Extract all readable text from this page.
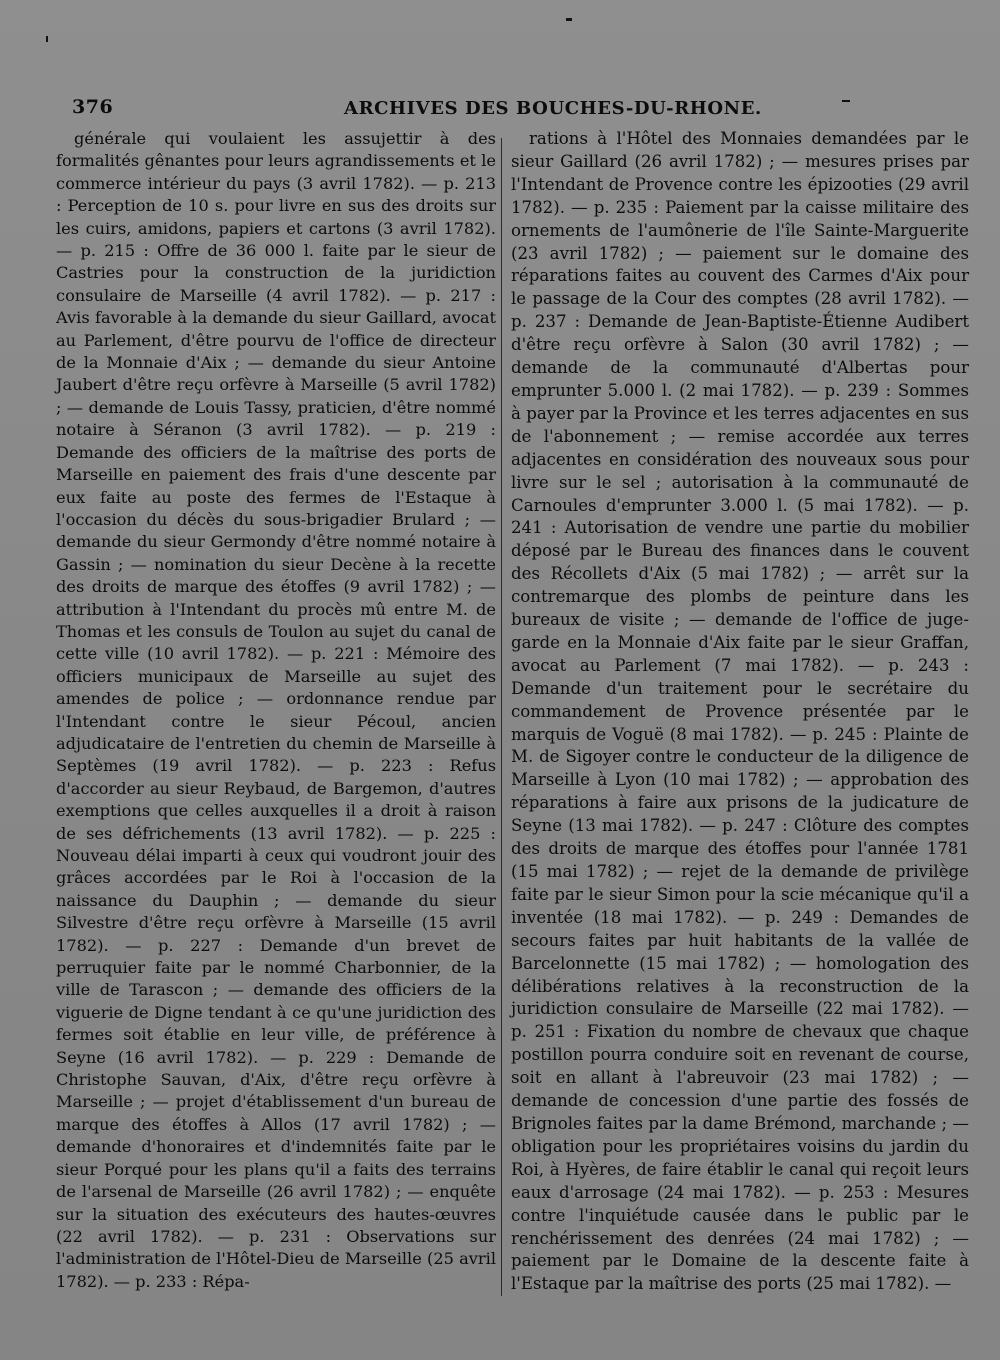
376	ARCHIVES DES BOUCHES-DU-RHONE.
générale qui voulaient les assujettir à des formalités gênantes pour leurs agrandissements et le commerce intérieur du pays (3 avril 1782). — p. 213 : Perception de 10 s. pour livre en sus des droits sur les cuirs, amidons, papiers et cartons (3 avril 1782). — p. 215 : Offre de 36 000 l. faite par le sieur de Castries pour la construction de la juridiction consulaire de Marseille (4 avril 1782). — p. 217 : Avis favorable à la demande du sieur Gaillard, avocat au Parlement, d'être pourvu de l'office de directeur de la Monnaie d'Aix ; — demande du sieur Antoine Jaubert d'être reçu orfèvre à Marseille (5 avril 1782) ; — demande de Louis Tassy, praticien, d'être nommé notaire à Séranon (3 avril 1782). — p. 219 : Demande des officiers de la maîtrise des ports de Marseille en paiement des frais d'une descente par eux faite au poste des fermes de l'Estaque à l'occasion du décès du sous-brigadier Brulard ; — demande du sieur Germondy d'être nommé notaire à Gassin ; — nomination du sieur Decène à la recette des droits de marque des étoffes (9 avril 1782) ; — attribution à l'Intendant du procès mû entre M. de Thomas et les consuls de Toulon au sujet du canal de cette ville (10 avril 1782). — p. 221 : Mémoire des officiers municipaux de Marseille au sujet des amendes de police ; — ordonnance rendue par l'Intendant contre le sieur Pécoul, ancien adjudicataire de l'entretien du chemin de Marseille à Septèmes (19 avril 1782). — p. 223 : Refus d'accorder au sieur Reybaud, de Bargemon, d'autres exemptions que celles auxquelles il a droit à raison de ses défrichements (13 avril 1782). — p. 225 : Nouveau délai imparti à ceux qui voudront jouir des grâces accordées par le Roi à l'occasion de la naissance du Dauphin ; — demande du sieur Silvestre d'être reçu orfèvre à Marseille (15 avril 1782). — p. 227 : Demande d'un brevet de perruquier faite par le nommé Charbonnier, de la ville de Tarascon ; — demande des officiers de la viguerie de Digne tendant à ce qu'une juridiction des fermes soit établie en leur ville, de préférence à Seyne (16 avril 1782). — p. 229 : Demande de Christophe Sauvan, d'Aix, d'être reçu orfèvre à Marseille ; — projet d'établissement d'un bureau de marque des étoffes à Allos (17 avril 1782) ; — demande d'honoraires et d'indemnités faite par le sieur Porqué pour les plans qu'il a faits des terrains de l'arsenal de Marseille (26 avril 1782) ; — enquête sur la situation des exécuteurs des hautes-œuvres (22 avril 1782). — p. 231 : Observations sur l'administration de l'Hôtel-Dieu de Marseille (25 avril 1782). — p. 233 : Répa-
rations à l'Hôtel des Monnaies demandées par le sieur Gaillard (26 avril 1782) ; — mesures prises par l'Intendant de Provence contre les épizooties (29 avril 1782). — p. 235 : Paiement par la caisse militaire des ornements de l'aumônerie de l'île Sainte-Marguerite (23 avril 1782) ; — paiement sur le domaine des réparations faites au couvent des Carmes d'Aix pour le passage de la Cour des comptes (28 avril 1782). — p. 237 : Demande de Jean-Baptiste-Étienne Audibert d'être reçu orfèvre à Salon (30 avril 1782) ; — demande de la communauté d'Albertas pour emprunter 5.000 l. (2 mai 1782). — p. 239 : Sommes à payer par la Province et les terres adjacentes en sus de l'abonnement ; — remise accordée aux terres adjacentes en considération des nouveaux sous pour livre sur le sel ; autorisation à la communauté de Carnoules d'emprunter 3.000 l. (5 mai 1782). — p. 241 : Autorisation de vendre une partie du mobilier déposé par le Bureau des finances dans le couvent des Récollets d'Aix (5 mai 1782) ; — arrêt sur la contremarque des plombs de peinture dans les bureaux de visite ; — demande de l'office de juge-garde en la Monnaie d'Aix faite par le sieur Graffan, avocat au Parlement (7 mai 1782). — p. 243 : Demande d'un traitement pour le secrétaire du commandement de Provence présentée par le marquis de Voguë (8 mai 1782). — p. 245 : Plainte de M. de Sigoyer contre le conducteur de la diligence de Marseille à Lyon (10 mai 1782) ; — approbation des réparations à faire aux prisons de la judicature de Seyne (13 mai 1782). — p. 247 : Clôture des comptes des droits de marque des étoffes pour l'année 1781 (15 mai 1782) ; — rejet de la demande de privilège faite par le sieur Simon pour la scie mécanique qu'il a inventée (18 mai 1782). — p. 249 : Demandes de secours faites par huit habitants de la vallée de Barcelonnette (15 mai 1782) ; — homologation des délibérations relatives à la reconstruction de la juridiction consulaire de Marseille (22 mai 1782). — p. 251 : Fixation du nombre de chevaux que chaque postillon pourra conduire soit en revenant de course, soit en allant à l'abreuvoir (23 mai 1782) ; — demande de concession d'une partie des fossés de Brignoles faites par la dame Brémond, marchande ; — obligation pour les propriétaires voisins du jardin du Roi, à Hyères, de faire établir le canal qui reçoit leurs eaux d'arrosage (24 mai 1782). — p. 253 : Mesures contre l'inquiétude causée dans le public par le renchérissement des denrées (24 mai 1782) ; — paiement par le Domaine de la descente faite à l'Estaque par la maîtrise des ports (25 mai 1782). —
